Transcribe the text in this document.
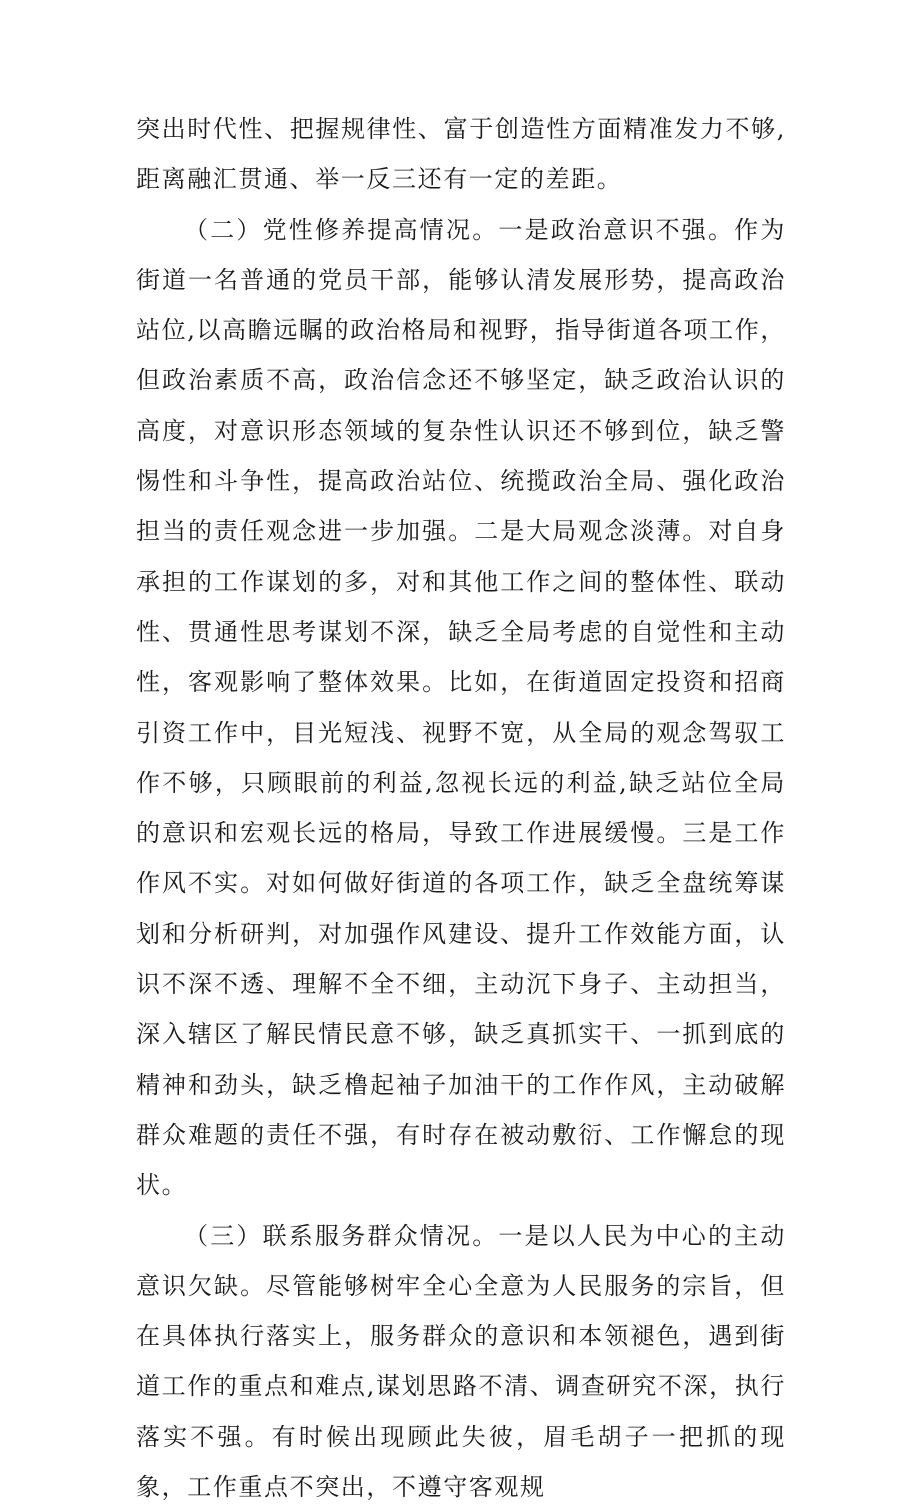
突出时代性、把握规律性、富于创造性方面精准发力不够,距离融汇贯通、举一反三还有一定的差距。

（二）党性修养提高情况。一是政治意识不强。作为街道一名普通的党员干部，能够认清发展形势，提高政治站位,以高瞻远瞩的政治格局和视野，指导街道各项工作，但政治素质不高，政治信念还不够坚定，缺乏政治认识的高度，对意识形态领域的复杂性认识还不够到位，缺乏警惕性和斗争性，提高政治站位、统揽政治全局、强化政治担当的责任观念进一步加强。二是大局观念淡薄。对自身承担的工作谋划的多，对和其他工作之间的整体性、联动性、贯通性思考谋划不深，缺乏全局考虑的自觉性和主动性，客观影响了整体效果。比如，在街道固定投资和招商引资工作中，目光短浅、视野不宽，从全局的观念驾驭工作不够，只顾眼前的利益,忽视长远的利益,缺乏站位全局的意识和宏观长远的格局，导致工作进展缓慢。三是工作作风不实。对如何做好街道的各项工作，缺乏全盘统筹谋划和分析研判，对加强作风建设、提升工作效能方面，认识不深不透、理解不全不细，主动沉下身子、主动担当，深入辖区了解民情民意不够，缺乏真抓实干、一抓到底的精神和劲头，缺乏橹起袖子加油干的工作作风，主动破解群众难题的责任不强，有时存在被动敷衍、工作懈怠的现状。

（三）联系服务群众情况。一是以人民为中心的主动意识欠缺。尽管能够树牢全心全意为人民服务的宗旨，但在具体执行落实上，服务群众的意识和本领褪色，遇到街道工作的重点和难点,谋划思路不清、调查研究不深，执行落实不强。有时候出现顾此失彼，眉毛胡子一把抓的现象，工作重点不突出，不遵守客观规
